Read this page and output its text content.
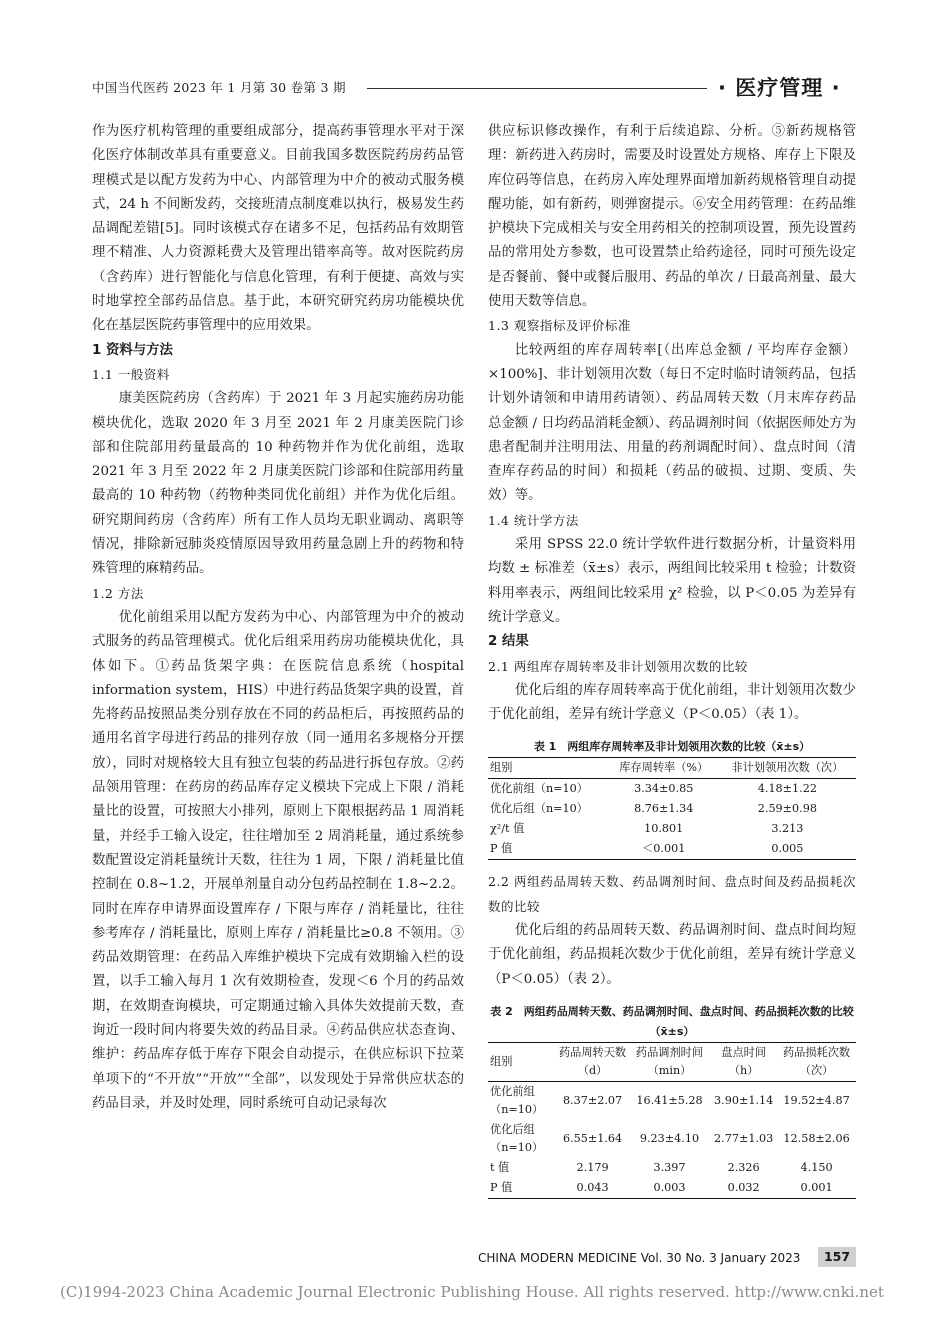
中国当代医药 2023 年 1 月第 30 卷第 3 期	· 医疗管理 ·

作为医疗机构管理的重要组成部分，提高药事管理水平对于深化医疗体制改革具有重要意义。目前我国多数医院药房药品管理模式是以配方发药为中心、内部管理为中介的被动式服务模式，24 h 不间断发药，交接班清点制度难以执行，极易发生药品调配差错[5]。同时该模式存在诸多不足，包括药品有效期管理不精准、人力资源耗费大及管理出错率高等。故对医院药房（含药库）进行智能化与信息化管理，有利于便捷、高效与实时地掌控全部药品信息。基于此，本研究研究药房功能模块优化在基层医院药事管理中的应用效果。

1 资料与方法

1.1 一般资料

康美医院药房（含药库）于 2021 年 3 月起实施药房功能模块优化，选取 2020 年 3 月至 2021 年 2 月康美医院门诊部和住院部用药量最高的 10 种药物并作为优化前组，选取 2021 年 3 月至 2022 年 2 月康美医院门诊部和住院部用药量最高的 10 种药物（药物种类同优化前组）并作为优化后组。研究期间药房（含药库）所有工作人员均无职业调动、离职等情况，排除新冠肺炎疫情原因导致用药量急剧上升的药物和特殊管理的麻精药品。

1.2 方法

优化前组采用以配方发药为中心、内部管理为中介的被动式服务的药品管理模式。优化后组采用药房功能模块优化，具体如下。①药品货架字典：在医院信息系统（hospital information system，HIS）中进行药品货架字典的设置，首先将药品按照品类分别存放在不同的药品柜后，再按照药品的通用名首字母进行药品的排列存放（同一通用名多规格分开摆放），同时对规格较大且有独立包装的药品进行拆包存放。②药品领用管理：在药房的药品库存定义模块下完成上下限 / 消耗量比的设置，可按照大小排列，原则上下限根据药品 1 周消耗量，并经手工输入设定，往往增加至 2 周消耗量，通过系统参数配置设定消耗量统计天数，往往为 1 周，下限 / 消耗量比值控制在 0.8~1.2，开展单剂量自动分包药品控制在 1.8~2.2。同时在库存申请界面设置库存 / 下限与库存 / 消耗量比，往往参考库存 / 消耗量比，原则上库存 / 消耗量比≥0.8 不领用。③药品效期管理：在药品入库维护模块下完成有效期输入栏的设置，以手工输入每月 1 次有效期检查，发现＜6 个月的药品效期，在效期查询模块，可定期通过输入具体失效提前天数，查询近一段时间内将要失效的药品目录。④药品供应状态查询、维护：药品库存低于库存下限会自动提示，在供应标识下拉菜单项下的“不开放”“开放”“全部”，以发现处于异常供应状态的药品目录，并及时处理，同时系统可自动记录每次

供应标识修改操作，有利于后续追踪、分析。⑤新药规格管理：新药进入药房时，需要及时设置处方规格、库存上下限及库位码等信息，在药房入库处理界面增加新药规格管理自动提醒功能，如有新药，则弹窗提示。⑥安全用药管理：在药品维护模块下完成相关与安全用药相关的控制项设置，预先设置药品的常用处方参数，也可设置禁止给药途径，同时可预先设定是否餐前、餐中或餐后服用、药品的单次 / 日最高剂量、最大使用天数等信息。

1.3 观察指标及评价标准

比较两组的库存周转率[（出库总金额 / 平均库存金额）×100%]、非计划领用次数（每日不定时临时请领药品，包括计划外请领和申请用药请领）、药品周转天数（月末库存药品总金额 / 日均药品消耗金额）、药品调剂时间（依据医师处方为患者配制并注明用法、用量的药剂调配时间）、盘点时间（清查库存药品的时间）和损耗（药品的破损、过期、变质、失效）等。

1.4 统计学方法

采用 SPSS 22.0 统计学软件进行数据分析，计量资料用均数 ± 标准差（x̄±s）表示，两组间比较采用 t 检验；计数资料用率表示，两组间比较采用 χ² 检验，以 P＜0.05 为差异有统计学意义。

2 结果

2.1 两组库存周转率及非计划领用次数的比较

优化后组的库存周转率高于优化前组，非计划领用次数少于优化前组，差异有统计学意义（P＜0.05）（表 1）。

表 1　两组库存周转率及非计划领用次数的比较（x̄±s）
组别	库存周转率（%）	非计划领用次数（次）
优化前组（n=10）	3.34±0.85	4.18±1.22
优化后组（n=10）	8.76±1.34	2.59±0.98
χ²/t 值	10.801	3.213
P 值	＜0.001	0.005

2.2 两组药品周转天数、药品调剂时间、盘点时间及药品损耗次数的比较

优化后组的药品周转天数、药品调剂时间、盘点时间均短于优化前组，药品损耗次数少于优化前组，差异有统计学意义（P＜0.05）（表 2）。

表 2　两组药品周转天数、药品调剂时间、盘点时间、药品损耗次数的比较（x̄±s）
组别	药品周转天数（d）	药品调剂时间（min）	盘点时间（h）	药品损耗次数（次）
优化前组（n=10）	8.37±2.07	16.41±5.28	3.90±1.14	19.52±4.87
优化后组（n=10）	6.55±1.64	9.23±4.10	2.77±1.03	12.58±2.06
t 值	2.179	3.397	2.326	4.150
P 值	0.043	0.003	0.032	0.001
CHINA MODERN MEDICINE Vol. 30 No. 3 January 2023	157
(C)1994-2023 China Academic Journal Electronic Publishing House. All rights reserved. http://www.cnki.net
